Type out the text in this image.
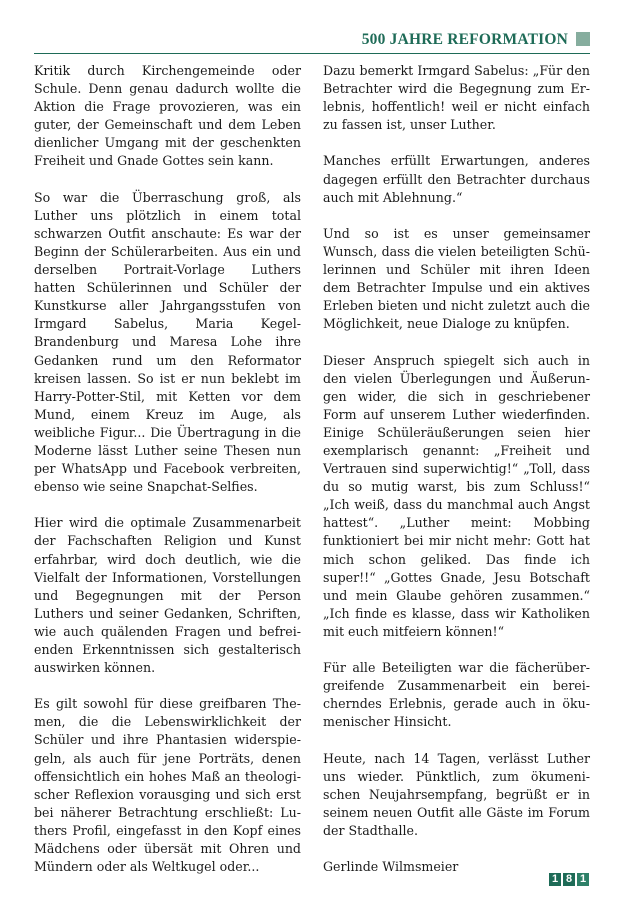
500 JAHRE REFORMATION

Kritik durch Kirchengemeinde oder Schule. Denn genau dadurch wollte die Aktion die Frage provozieren, was ein guter, der Gemeinschaft und dem Leben dienlicher Umgang mit der geschenkten Freiheit und Gnade Gottes sein kann.

So war die Überraschung groß, als Luther uns plötzlich in einem total schwarzen Outfit anschaute: Es war der Beginn der Schülerarbeiten. Aus ein und derselben Portrait-Vorlage Luthers hatten Schülerinnen und Schüler der Kunstkurse aller Jahrgangsstufen von Irmgard Sabelus, Maria Kegel-Brandenburg und Maresa Lohe ihre Gedanken rund um den Reformator kreisen lassen. So ist er nun beklebt im Harry-Potter-Stil, mit Ketten vor dem Mund, einem Kreuz im Auge, als weibliche Figur... Die Übertragung in die Moderne lässt Luther seine Thesen nun per WhatsApp und Facebook verbreiten, ebenso wie seine Snapchat-Selfies.

Hier wird die optimale Zusammenarbeit der Fachschaften Religion und Kunst erfahrbar, wird doch deutlich, wie die Vielfalt der Informationen, Vorstellungen und Begegnungen mit der Person Luthers und seiner Gedanken, Schriften, wie auch quälenden Fragen und befreienden Erkenntnissen sich gestalterisch auswirken können.

Es gilt sowohl für diese greifbaren Themen, die die Lebenswirklichkeit der Schüler und ihre Phantasien widerspiegeln, als auch für jene Porträts, denen offensichtlich ein hohes Maß an theologischer Reflexion vorausging und sich erst bei näherer Betrachtung erschließt: Luthers Profil, eingefasst in den Kopf eines Mädchens oder übersät mit Ohren und Mündern oder als Weltkugel oder...

Dazu bemerkt Irmgard Sabelus: „Für den Betrachter wird die Begegnung zum Erlebnis, hoffentlich! weil er nicht einfach zu fassen ist, unser Luther.

Manches erfüllt Erwartungen, anderes dagegen erfüllt den Betrachter durchaus auch mit Ablehnung.“

Und so ist es unser gemeinsamer Wunsch, dass die vielen beteiligten Schülerinnen und Schüler mit ihren Ideen dem Betrachter Impulse und ein aktives Erleben bieten und nicht zuletzt auch die Möglichkeit, neue Dialoge zu knüpfen.

Dieser Anspruch spiegelt sich auch in den vielen Überlegungen und Äußerungen wider, die sich in geschriebener Form auf unserem Luther wiederfinden. Einige Schüleräußerungen seien hier exemplarisch genannt: „Freiheit und Vertrauen sind superwichtig!“ „Toll, dass du so mutig warst, bis zum Schluss!“ „Ich weiß, dass du manchmal auch Angst hattest“. „Luther meint: Mobbing funktioniert bei mir nicht mehr: Gott hat mich schon geliked. Das finde ich super!!“ „Gottes Gnade, Jesu Botschaft und mein Glaube gehören zusammen.“ „Ich finde es klasse, dass wir Katholiken mit euch mitfeiern können!“

Für alle Beteiligten war die fächerübergreifende Zusammenarbeit ein bereicherndes Erlebnis, gerade auch in ökumenischer Hinsicht.

Heute, nach 14 Tagen, verlässt Luther uns wieder. Pünktlich, zum ökumenischen Neujahrsempfang, begrüßt er in seinem neuen Outfit alle Gäste im Forum der Stadthalle.

Gerlinde Wilmsmeier

1 8 1
